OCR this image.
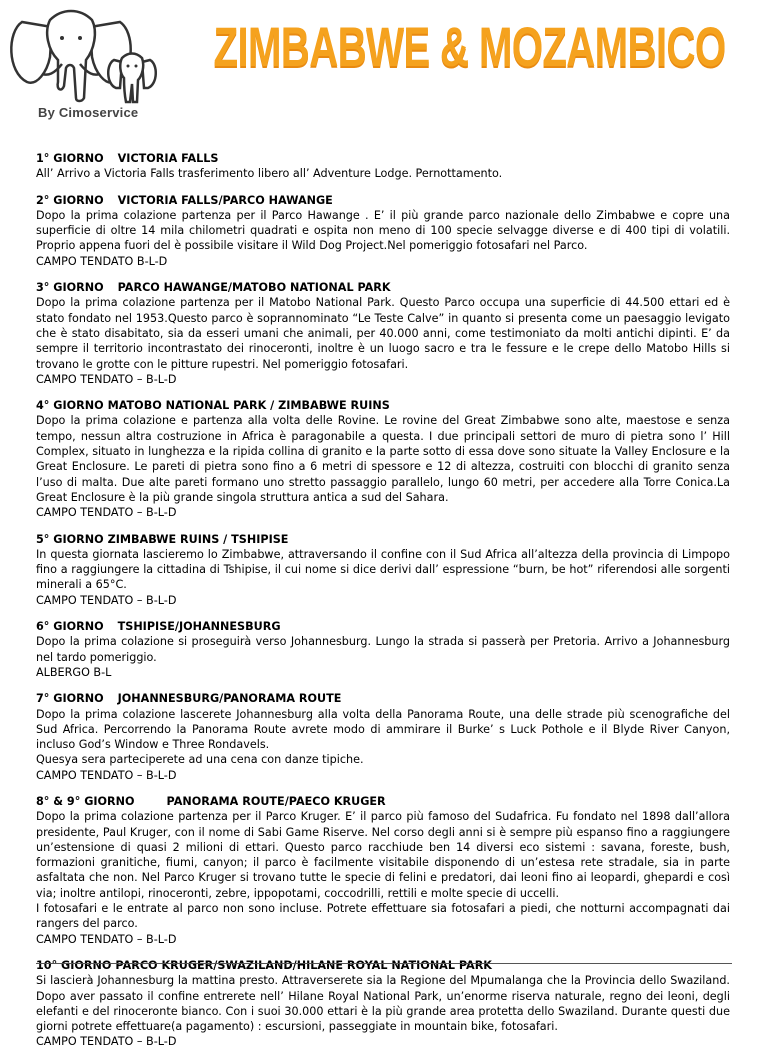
By Cimoservice
ZIMBABWE & MOZAMBICO
1° GIORNO VICTORIA FALLS
All’ Arrivo a Victoria Falls trasferimento libero all’ Adventure Lodge. Pernottamento.
2° GIORNO VICTORIA FALLS/PARCO HAWANGE
Dopo la prima colazione partenza per il Parco Hawange . E’ il più grande parco nazionale dello Zimbabwe e copre una superficie di oltre 14 mila chilometri quadrati e ospita non meno di 100 specie selvagge diverse e di 400 tipi di volatili. Proprio appena fuori del è possibile visitare il Wild Dog Project.Nel pomeriggio fotosafari nel Parco.
CAMPO TENDATO B-L-D
3° GIORNO PARCO HAWANGE/MATOBO NATIONAL PARK
Dopo la prima colazione partenza per il Matobo National Park. Questo Parco occupa una superficie di 44.500 ettari ed è stato fondato nel 1953.Questo parco è soprannominato “Le Teste Calve” in quanto si presenta come un paesaggio levigato che è stato disabitato, sia da esseri umani che animali, per 40.000 anni, come testimoniato da molti antichi dipinti. E’ da sempre il territorio incontrastato dei rinoceronti, inoltre è un luogo sacro e tra le fessure e le crepe dello Matobo Hills si trovano le grotte con le pitture rupestri. Nel pomeriggio fotosafari.
CAMPO TENDATO – B-L-D
4° GIORNO MATOBO NATIONAL PARK / ZIMBABWE RUINS
Dopo la prima colazione e partenza alla volta delle Rovine. Le rovine del Great Zimbabwe sono alte, maestose e senza tempo, nessun altra costruzione in Africa è paragonabile a questa. I due principali settori de muro di pietra sono l’ Hill Complex, situato in lunghezza e la ripida collina di granito e la parte sotto di essa dove sono situate la Valley Enclosure e la Great Enclosure. Le pareti di pietra sono fino a 6 metri di spessore e 12 di altezza, costruiti con blocchi di granito senza l’uso di malta. Due alte pareti formano uno stretto passaggio parallelo, lungo 60 metri, per accedere alla Torre Conica.La Great Enclosure è la più grande singola struttura antica a sud del Sahara.
CAMPO TENDATO – B-L-D
5° GIORNO ZIMBABWE RUINS / TSHIPISE
In questa giornata lascieremo lo Zimbabwe, attraversando il confine con il Sud Africa all’altezza della provincia di Limpopo fino a raggiungere la cittadina di Tshipise, il cui nome si dice derivi dall’ espressione “burn, be hot” riferendosi alle sorgenti minerali a 65°C.
CAMPO TENDATO – B-L-D
6° GIORNO TSHIPISE/JOHANNESBURG
Dopo la prima colazione si proseguirà verso Johannesburg. Lungo la strada si passerà per Pretoria. Arrivo a Johannesburg nel tardo pomeriggio.
ALBERGO B-L
7° GIORNO JOHANNESBURG/PANORAMA ROUTE
Dopo la prima colazione lascerete Johannesburg alla volta della Panorama Route, una delle strade più scenografiche del Sud Africa. Percorrendo la Panorama Route avrete modo di ammirare il Burke’ s Luck Pothole e il Blyde River Canyon, incluso God’s Window e Three Rondavels.
Quesya sera parteciperete ad una cena con danze tipiche.
CAMPO TENDATO – B-L-D
8° & 9° GIORNO	PANORAMA ROUTE/PAECO KRUGER
Dopo la prima colazione partenza per il Parco Kruger. E’ il parco più famoso del Sudafrica. Fu fondato nel 1898 dall’allora presidente, Paul Kruger, con il nome di Sabi Game Riserve. Nel corso degli anni si è sempre più espanso fino a raggiungere un’estensione di quasi 2 milioni di ettari. Questo parco racchiude ben 14 diversi eco sistemi : savana, foreste, bush, formazioni granitiche, fiumi, canyon; il parco è facilmente visitabile disponendo di un’estesa rete stradale, sia in parte asfaltata che non. Nel Parco Kruger si trovano tutte le specie di felini e predatori, dai leoni fino ai leopardi, ghepardi e così via; inoltre antilopi, rinoceronti, zebre, ippopotami, coccodrilli, rettili e molte specie di uccelli.
I fotosafari e le entrate al parco non sono incluse. Potrete effettuare sia fotosafari a piedi, che notturni accompagnati dai rangers del parco.
CAMPO TENDATO – B-L-D
10° GIORNO PARCO KRUGER/SWAZILAND/HILANE ROYAL NATIONAL PARK
Si lascierà Johannesburg la mattina presto. Attraverserete sia la Regione del Mpumalanga che la Provincia dello Swaziland. Dopo aver passato il confine entrerete nell’ Hilane Royal National Park, un’enorme riserva naturale, regno dei leoni, degli elefanti e del rinoceronte bianco. Con i suoi 30.000 ettari è la più grande area protetta dello Swaziland. Durante questi due giorni potrete effettuare(a pagamento) : escursioni, passeggiate in mountain bike, fotosafari.
CAMPO TENDATO – B-L-D
